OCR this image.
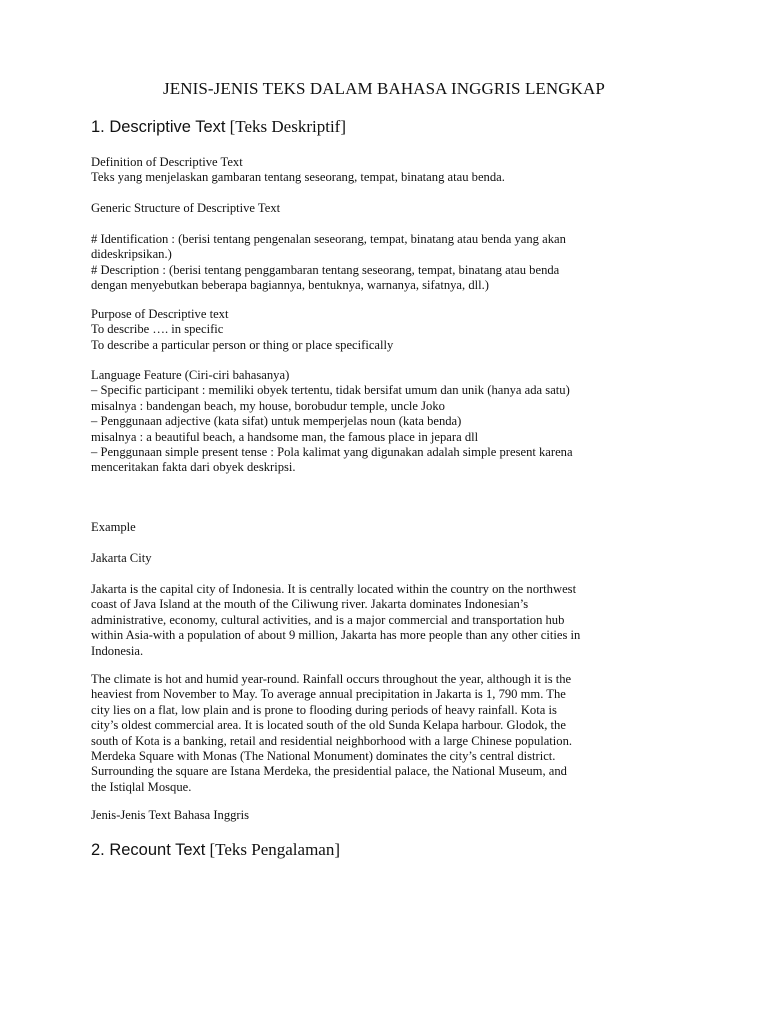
JENIS-JENIS TEKS DALAM BAHASA INGGRIS LENGKAP
1. Descriptive Text [Teks Deskriptif]
Definition of Descriptive Text
Teks yang menjelaskan gambaran tentang seseorang, tempat, binatang atau benda.
Generic Structure of Descriptive Text
# Identification : (berisi tentang pengenalan seseorang, tempat, binatang atau benda yang akan
dideskripsikan.)
# Description : (berisi tentang penggambaran tentang seseorang, tempat, binatang atau benda
dengan menyebutkan beberapa bagiannya, bentuknya, warnanya, sifatnya, dll.)
Purpose of Descriptive text
To describe …. in specific
To describe a particular person or thing or place specifically
Language Feature (Ciri-ciri bahasanya)
– Specific participant : memiliki obyek tertentu, tidak bersifat umum dan unik (hanya ada satu)
misalnya : bandengan beach, my house, borobudur temple, uncle Joko
– Penggunaan adjective (kata sifat) untuk memperjelas noun (kata benda)
misalnya : a beautiful beach, a handsome man, the famous place in jepara dll
– Penggunaan simple present tense : Pola kalimat yang digunakan adalah simple present karena
menceritakan fakta dari obyek deskripsi.
Example
Jakarta City
Jakarta is the capital city of Indonesia. It is centrally located within the country on the northwest
coast of Java Island at the mouth of the Ciliwung river. Jakarta dominates Indonesian’s
administrative, economy, cultural activities, and is a major commercial and transportation hub
within Asia-with a population of about 9 million, Jakarta has more people than any other cities in
Indonesia.
The climate is hot and humid year-round. Rainfall occurs throughout the year, although it is the
heaviest from November to May. To average annual precipitation in Jakarta is 1, 790 mm. The
city lies on a flat, low plain and is prone to flooding during periods of heavy rainfall. Kota is
city’s oldest commercial area. It is located south of the old Sunda Kelapa harbour. Glodok, the
south of Kota is a banking, retail and residential neighborhood with a large Chinese population.
Merdeka Square with Monas (The National Monument) dominates the city’s central district.
Surrounding the square are Istana Merdeka, the presidential palace, the National Museum, and
the Istiqlal Mosque.
Jenis-Jenis Text Bahasa Inggris
2. Recount Text [Teks Pengalaman]
